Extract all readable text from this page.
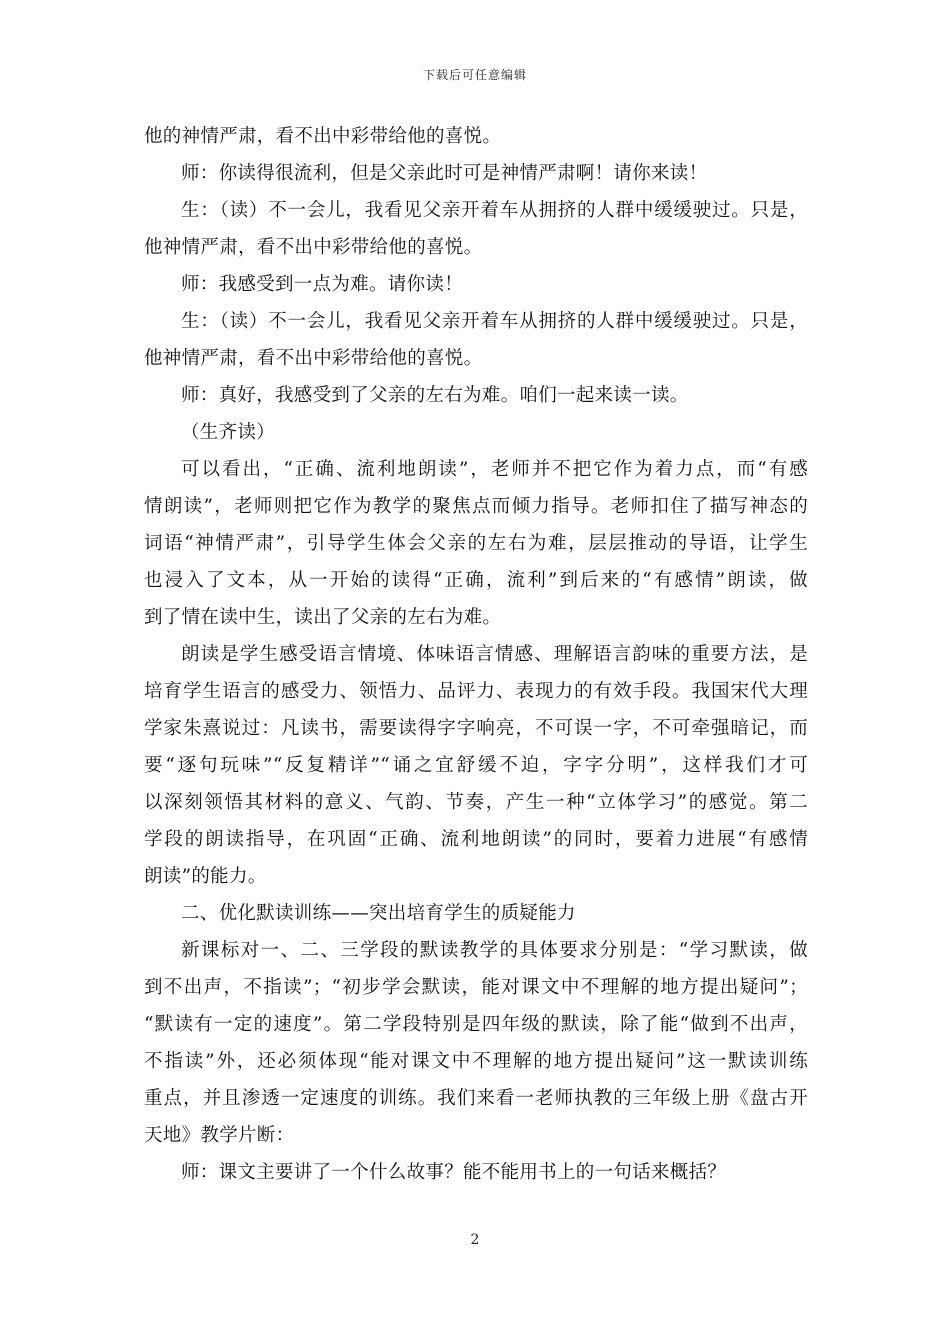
下载后可任意编辑
他的神情严肃，看不出中彩带给他的喜悦。
师：你读得很流利，但是父亲此时可是神情严肃啊！请你来读！
生：（读）不一会儿，我看见父亲开着车从拥挤的人群中缓缓驶过。只是，
他神情严肃，看不出中彩带给他的喜悦。
师：我感受到一点为难。请你读！
生：（读）不一会儿，我看见父亲开着车从拥挤的人群中缓缓驶过。只是，
他神情严肃，看不出中彩带给他的喜悦。
师：真好，我感受到了父亲的左右为难。咱们一起来读一读。
（生齐读）
可以看出，“正确、流利地朗读”，老师并不把它作为着力点，而“有感
情朗读”，老师则把它作为教学的聚焦点而倾力指导。老师扣住了描写神态的
词语“神情严肃”，引导学生体会父亲的左右为难，层层推动的导语，让学生
也浸入了文本，从一开始的读得“正确，流利”到后来的“有感情”朗读，做
到了情在读中生，读出了父亲的左右为难。
朗读是学生感受语言情境、体味语言情感、理解语言韵味的重要方法，是
培育学生语言的感受力、领悟力、品评力、表现力的有效手段。我国宋代大理
学家朱熹说过：凡读书，需要读得字字响亮，不可误一字，不可牵强暗记，而
要“逐句玩味”“反复精详”“诵之宜舒缓不迫，字字分明”，这样我们才可
以深刻领悟其材料的意义、气韵、节奏，产生一种“立体学习”的感觉。第二
学段的朗读指导，在巩固“正确、流利地朗读”的同时，要着力进展“有感情
朗读”的能力。
二、优化默读训练——突出培育学生的质疑能力
新课标对一、二、三学段的默读教学的具体要求分别是：“学习默读，做
到不出声，不指读”；“初步学会默读，能对课文中不理解的地方提出疑问”；
“默读有一定的速度”。第二学段特别是四年级的默读，除了能“做到不出声，
不指读”外，还必须体现“能对课文中不理解的地方提出疑问”这一默读训练
重点，并且渗透一定速度的训练。我们来看一老师执教的三年级上册《盘古开
天地》教学片断：
师：课文主要讲了一个什么故事？能不能用书上的一句话来概括？
2
